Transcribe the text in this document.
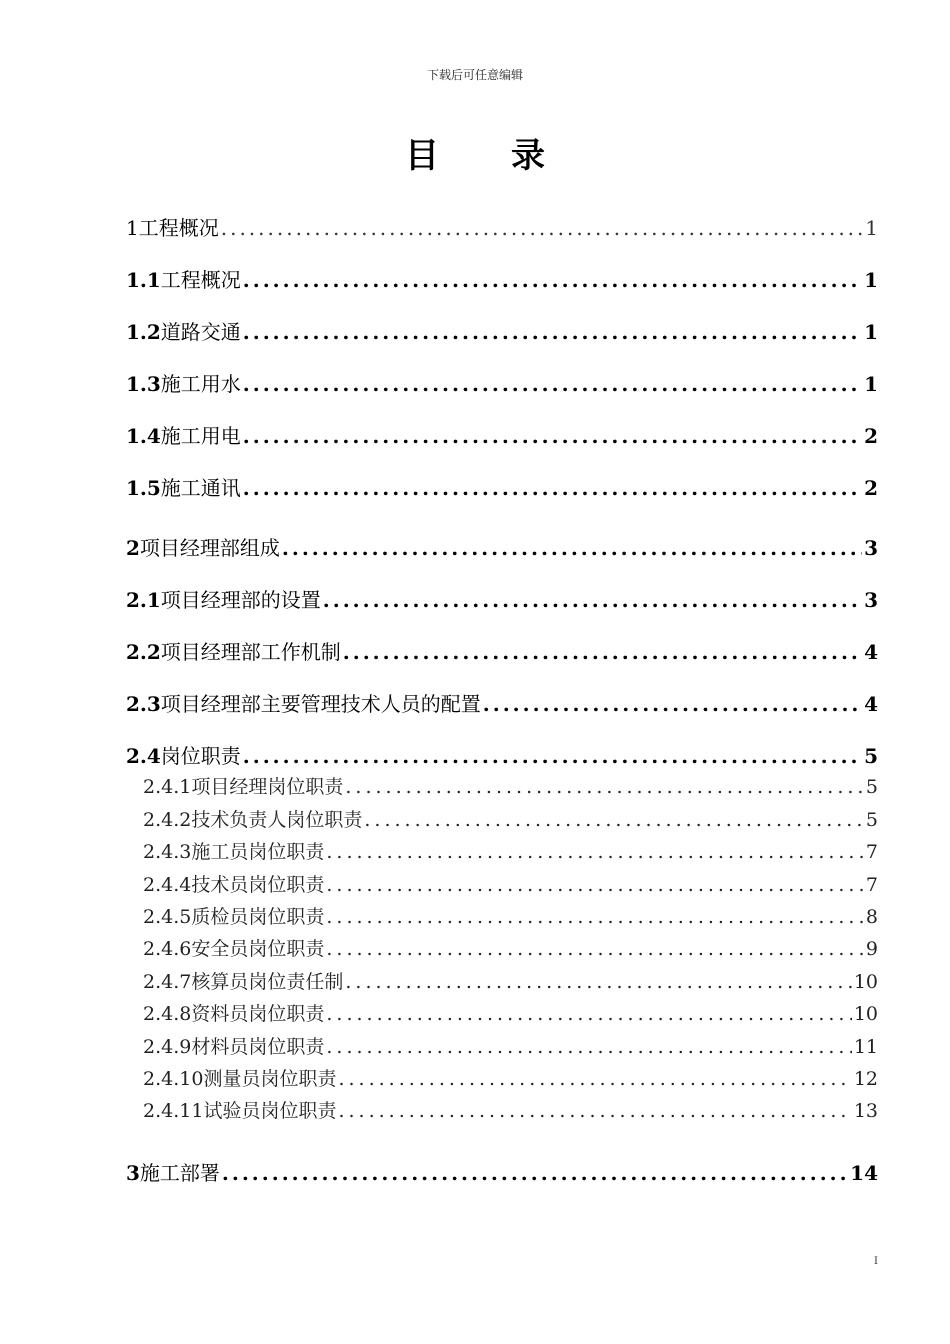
下载后可任意编辑
目 录
1 工程概况 .....	1
1.1 工程概况 .....	1
1.2 道路交通 .....	1
1.3 施工用水 .....	1
1.4 施工用电 .....	2
1.5 施工通讯 .....	2
2 项目经理部组成 .....	3
2.1 项目经理部的设置 .....	3
2.2 项目经理部工作机制 .....	4
2.3 项目经理部主要管理技术人员的配置 .....	4
2.4 岗位职责 .....	5
2.4.1 项目经理岗位职责 .....	5
2.4.2 技术负责人岗位职责 .....	5
2.4.3 施工员岗位职责 .....	7
2.4.4 技术员岗位职责 .....	7
2.4.5 质检员岗位职责 .....	8
2.4.6 安全员岗位职责 .....	9
2.4.7 核算员岗位责任制 .....	10
2.4.8 资料员岗位职责 .....	10
2.4.9 材料员岗位职责 .....	11
2.4.10 测量员岗位职责 .....	12
2.4.11 试验员岗位职责 .....	13
3 施工部署 .....	14
I
